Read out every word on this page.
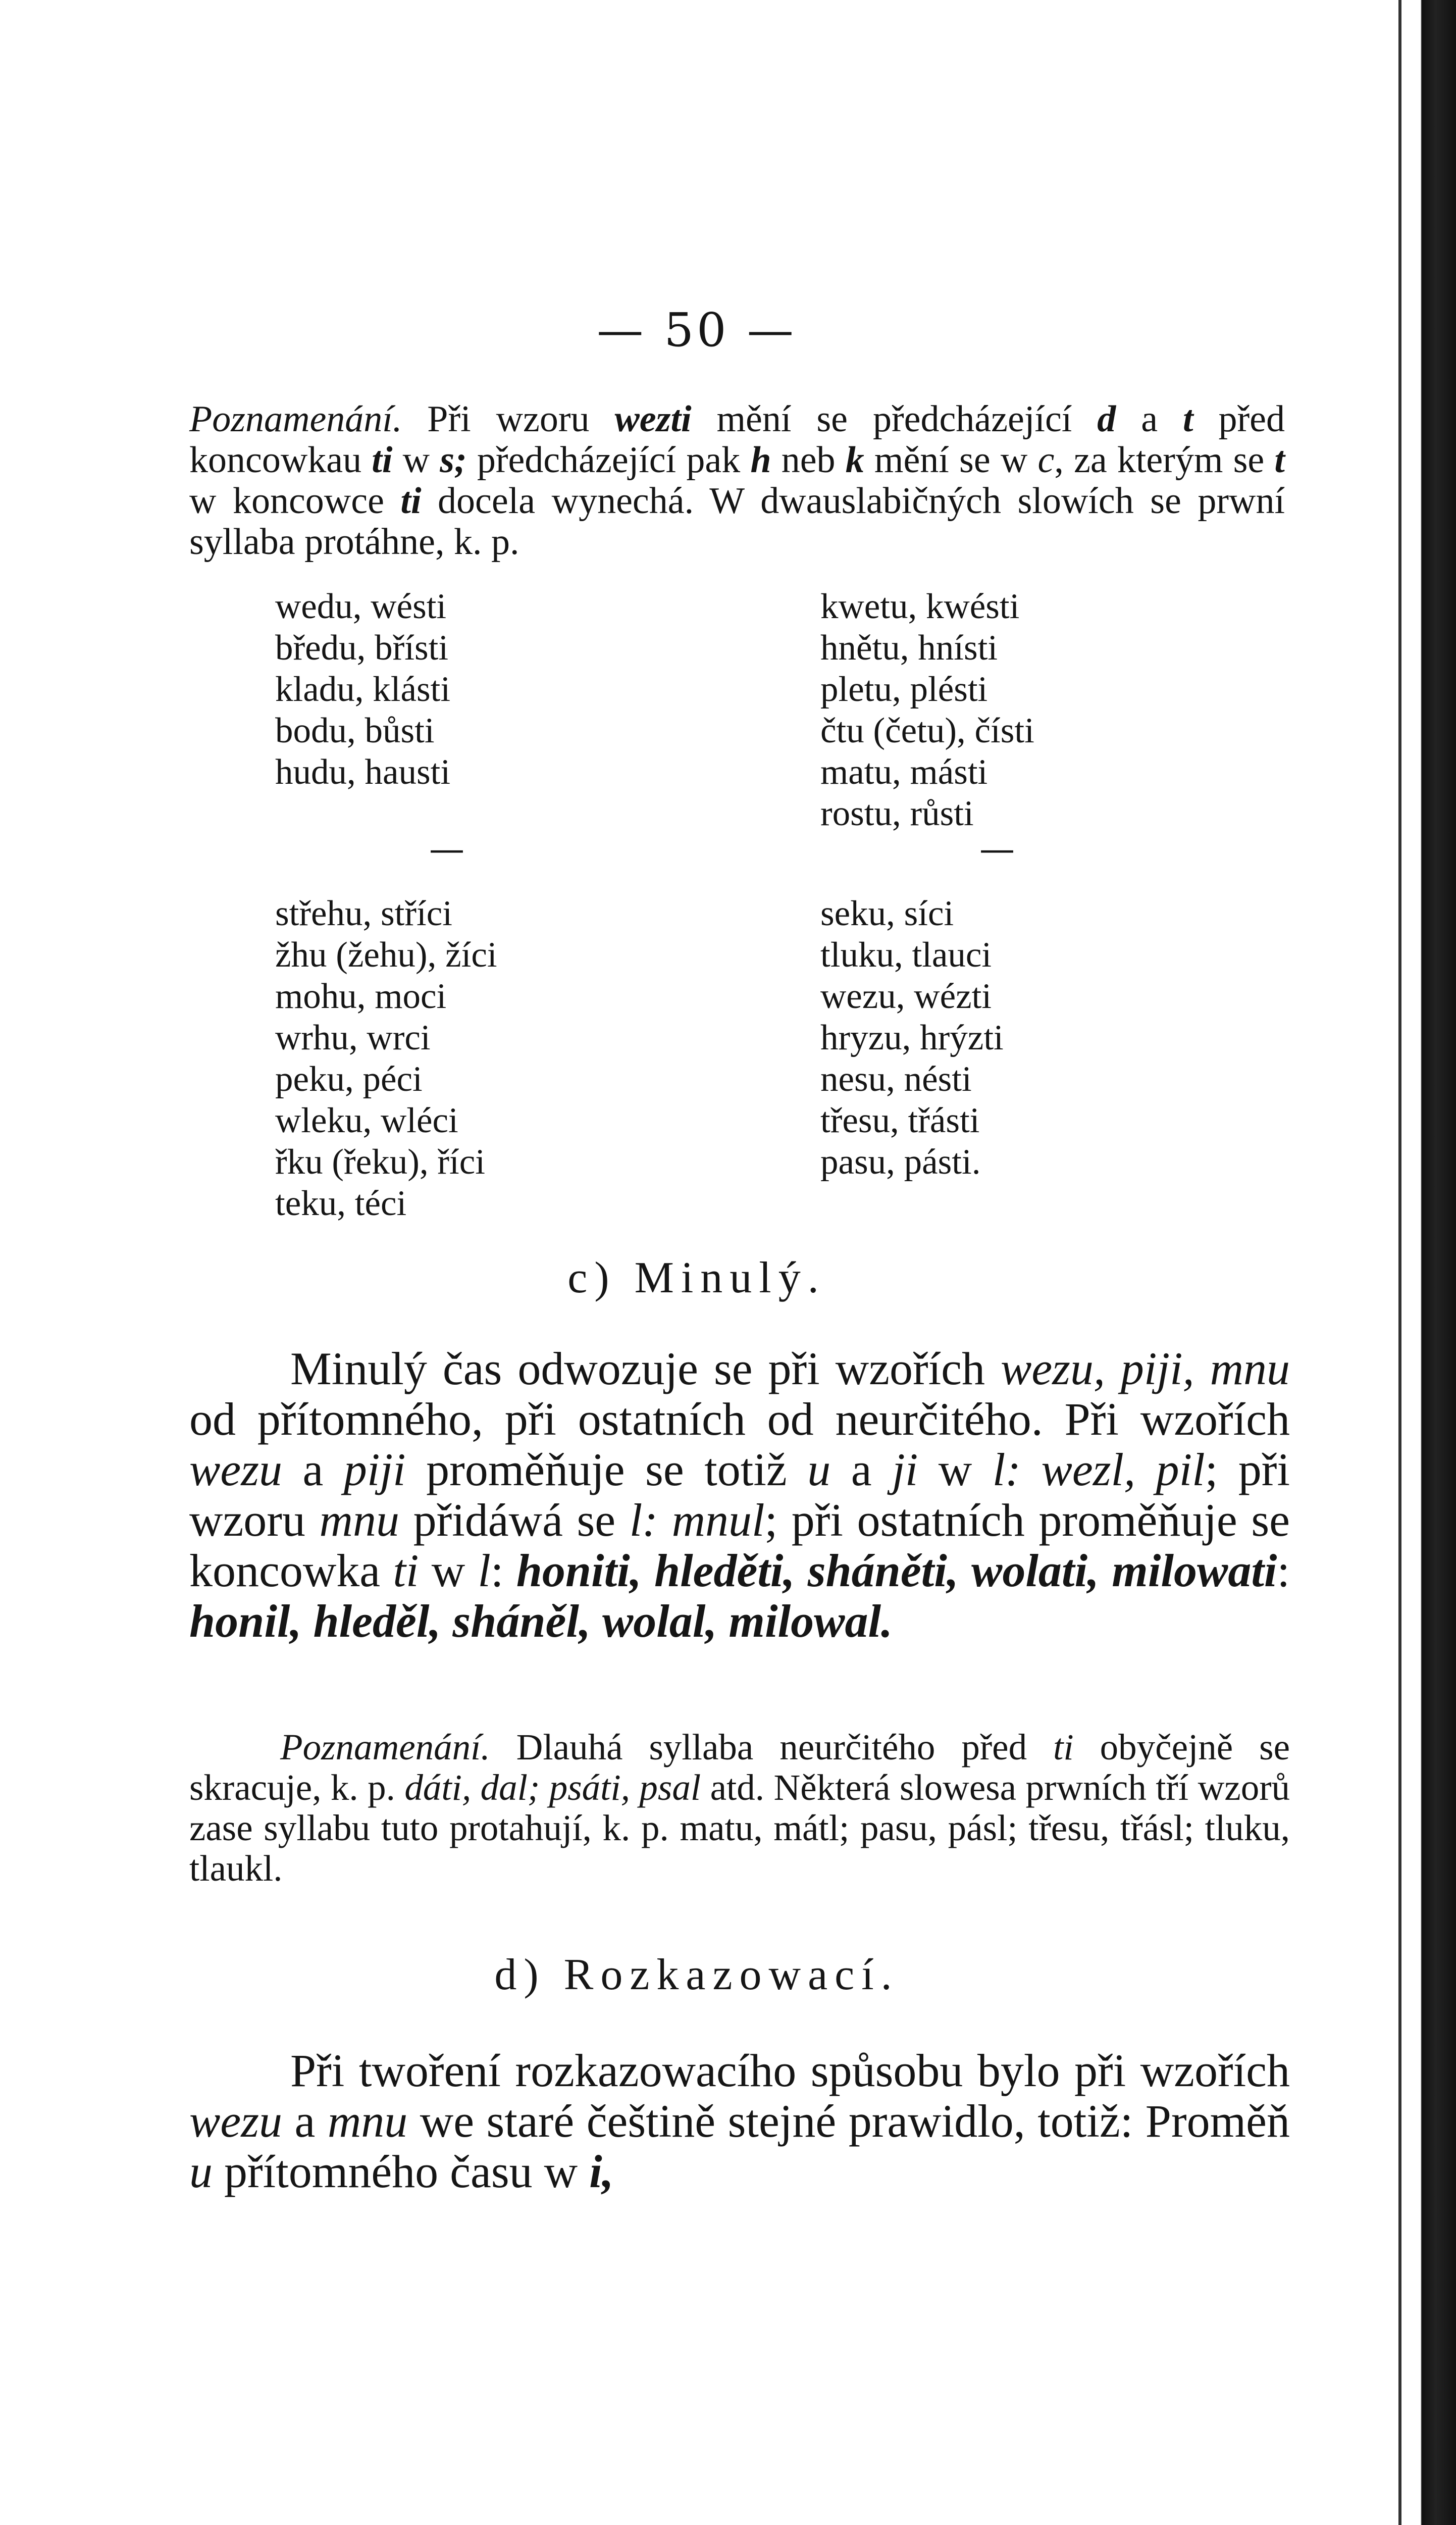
— 50 —

Poznamenání. Při wzoru wezti mění se předcházející d a t před koncowkau ti w s; předcházející pak h neb k mění se w c, za kterým se t w koncowce ti docela wynechá. W dwauslabičných slowích se prwní syllaba protáhne, k. p.

wedu, wésti
bředu, břísti
kladu, klásti
bodu, bůsti
hudu, hausti
kwetu, kwésti
hnětu, hnísti
pletu, plésti
čtu (četu), čísti
matu, másti
rostu, růsti
—	—
střehu, stříci
žhu (žehu), žíci
mohu, moci
wrhu, wrci
peku, péci
wleku, wléci
řku (řeku), říci
teku, téci
seku, síci
tluku, tlauci
wezu, wézti
hryzu, hrýzti
nesu, nésti
třesu, třásti
pasu, pásti.
c) Minulý.

Minulý čas odwozuje se při wzořích wezu, piji, mnu od přítomného, při ostatních od neurčitého. Při wzořích wezu a piji proměňuje se totiž u a ji w l: wezl, pil; při wzoru mnu přidáwá se l: mnul; při ostatních proměňuje se koncowka ti w l: honiti, hleděti, sháněti, wolati, milowati: honil, hleděl, sháněl, wolal, milowal.

Poznamenání. Dlauhá syllaba neurčitého před ti obyčejně se skracuje, k. p. dáti, dal; psáti, psal atd. Některá slowesa prwních tří wzorů zase syllabu tuto protahují, k. p. matu, mátl; pasu, pásl; třesu, třásl; tluku, tlaukl.

d) Rozkazowací.

Při twoření rozkazowacího spůsobu bylo při wzořích wezu a mnu we staré češtině stejné prawidlo, totiž: Proměň u přítomného času w i,
